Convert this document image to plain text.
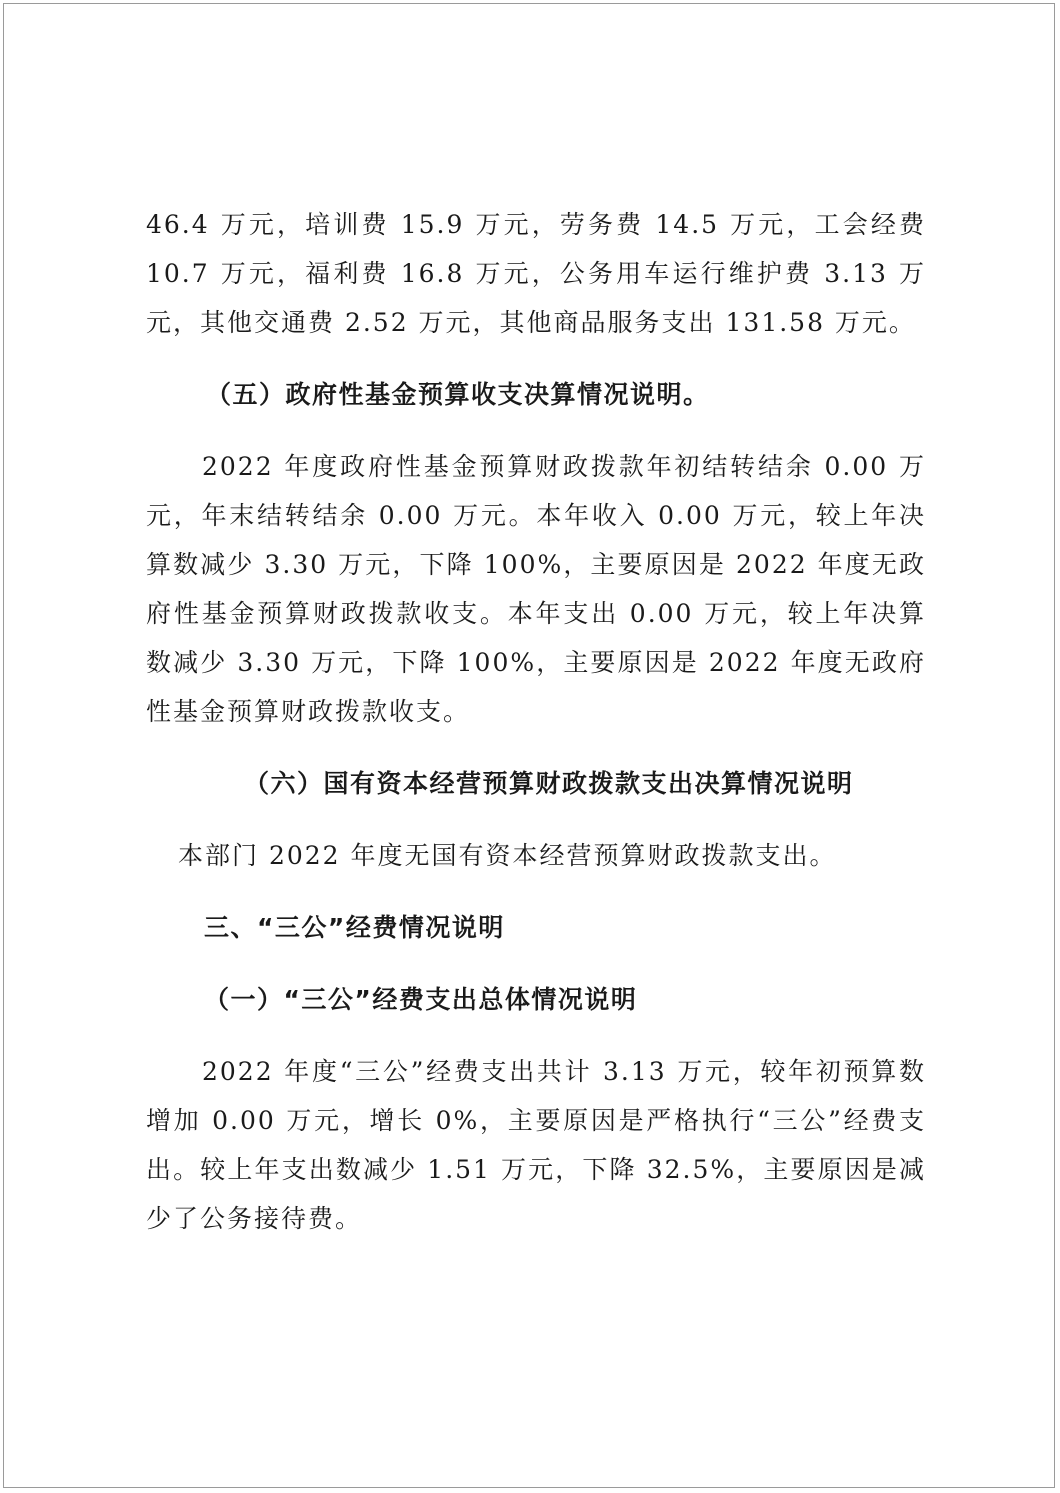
46.4 万元，培训费 15.9 万元，劳务费 14.5 万元，工会经费 10.7 万元，福利费 16.8 万元，公务用车运行维护费 3.13 万元，其他交通费 2.52 万元，其他商品服务支出 131.58 万元。

（五）政府性基金预算收支决算情况说明。

2022 年度政府性基金预算财政拨款年初结转结余 0.00 万元，年末结转结余 0.00 万元。本年收入 0.00 万元，较上年决算数减少 3.30 万元，下降 100%，主要原因是 2022 年度无政府性基金预算财政拨款收支。本年支出 0.00 万元，较上年决算数减少 3.30 万元，下降 100%，主要原因是 2022 年度无政府性基金预算财政拨款收支。

（六）国有资本经营预算财政拨款支出决算情况说明

本部门 2022 年度无国有资本经营预算财政拨款支出。

三、“三公”经费情况说明

（一）“三公”经费支出总体情况说明

2022 年度“三公”经费支出共计 3.13 万元，较年初预算数增加 0.00 万元，增长 0%，主要原因是严格执行“三公”经费支出。较上年支出数减少 1.51 万元，下降 32.5%，主要原因是减少了公务接待费。
